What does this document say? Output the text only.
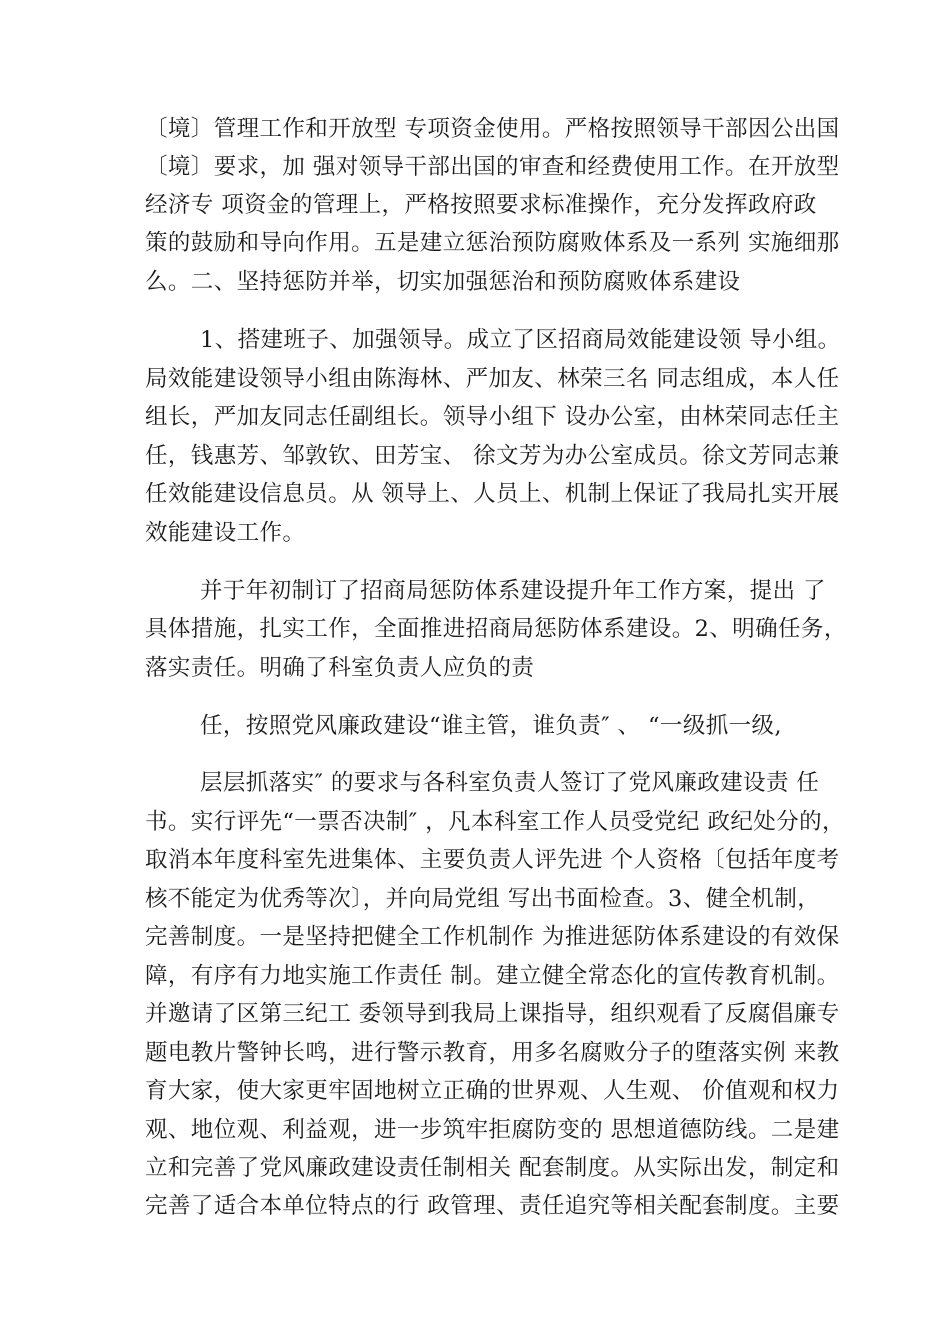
〔境〕管理工作和开放型 专项资金使用。严格按照领导干部因公出国
〔境〕要求，加 强对领导干部出国的审查和经费使用工作。在开放型
经济专 项资金的管理上，严格按照要求标准操作，充分发挥政府政
策的鼓励和导向作用。五是建立惩治预防腐败体系及一系列 实施细那
么。二、坚持惩防并举，切实加强惩治和预防腐败体系建设
1、搭建班子、加强领导。成立了区招商局效能建设领 导小组。
局效能建设领导小组由陈海林、严加友、林荣三名 同志组成，本人任
组长，严加友同志任副组长。领导小组下 设办公室，由林荣同志任主
任，钱惠芳、邹敦钦、田芳宝、 徐文芳为办公室成员。徐文芳同志兼
任效能建设信息员。从 领导上、人员上、机制上保证了我局扎实开展
效能建设工作。
并于年初制订了招商局惩防体系建设提升年工作方案，提出 了
具体措施，扎实工作，全面推进招商局惩防体系建设。2、明确任务，
落实责任。明确了科室负责人应负的责
任，按照党风廉政建设“谁主管，谁负责″ 、 “一级抓一级,
层层抓落实″ 的要求与各科室负责人签订了党风廉政建设责 任
书。实行评先“一票否决制″ ，凡本科室工作人员受党纪 政纪处分的，
取消本年度科室先进集体、主要负责人评先进 个人资格〔包括年度考
核不能定为优秀等次〕，并向局党组 写出书面检查。3、健全机制，
完善制度。一是坚持把健全工作机制作 为推进惩防体系建设的有效保
障，有序有力地实施工作责任 制。建立健全常态化的宣传教育机制。
并邀请了区第三纪工 委领导到我局上课指导，组织观看了反腐倡廉专
题电教片警钟长鸣，进行警示教育，用多名腐败分子的堕落实例 来教
育大家，使大家更牢固地树立正确的世界观、人生观、 价值观和权力
观、地位观、利益观，进一步筑牢拒腐防变的 思想道德防线。二是建
立和完善了党风廉政建设责任制相关 配套制度。从实际出发，制定和
完善了适合本单位特点的行 政管理、责任追究等相关配套制度。主要
